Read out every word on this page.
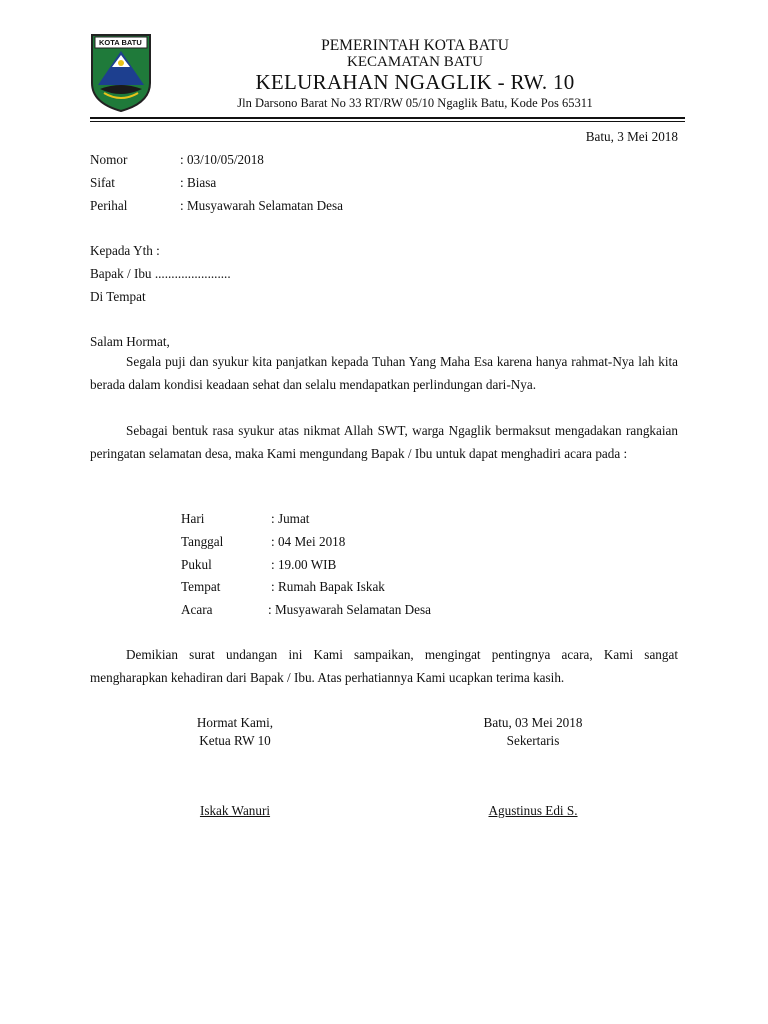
KOTA BATU	PEMERINTAH KOTA BATU
KECAMATAN BATU
KELURAHAN NGAGLIK - RW. 10
Jln Darsono Barat No 33 RT/RW 05/10 Ngaglik Batu, Kode Pos 65311
Batu, 3 Mei 2018
Nomor	: 03/10/05/2018
Sifat	: Biasa
Perihal	: Musyawarah Selamatan Desa
Kepada Yth :
Bapak / Ibu .......................
Di Tempat
Salam Hormat,

Segala puji dan syukur kita panjatkan kepada Tuhan Yang Maha Esa karena hanya rahmat-Nya lah kita berada dalam kondisi keadaan sehat dan selalu mendapatkan perlindungan dari-Nya.

Sebagai bentuk rasa syukur atas nikmat Allah SWT, warga Ngaglik bermaksut mengadakan rangkaian peringatan selamatan desa, maka Kami mengundang Bapak / Ibu untuk dapat menghadiri acara pada :

Hari	: Jumat
Tanggal	: 04 Mei 2018
Pukul	: 19.00 WIB
Tempat	: Rumah Bapak Iskak
Acara	: Musyawarah Selamatan Desa

Demikian surat undangan ini Kami sampaikan, mengingat pentingnya acara, Kami sangat mengharapkan kehadiran dari Bapak / Ibu. Atas perhatiannya Kami ucapkan terima kasih.

Hormat Kami,
Ketua RW 10
Iskak Wanuri
Batu, 03 Mei 2018
Sekertaris
Agustinus Edi S.
